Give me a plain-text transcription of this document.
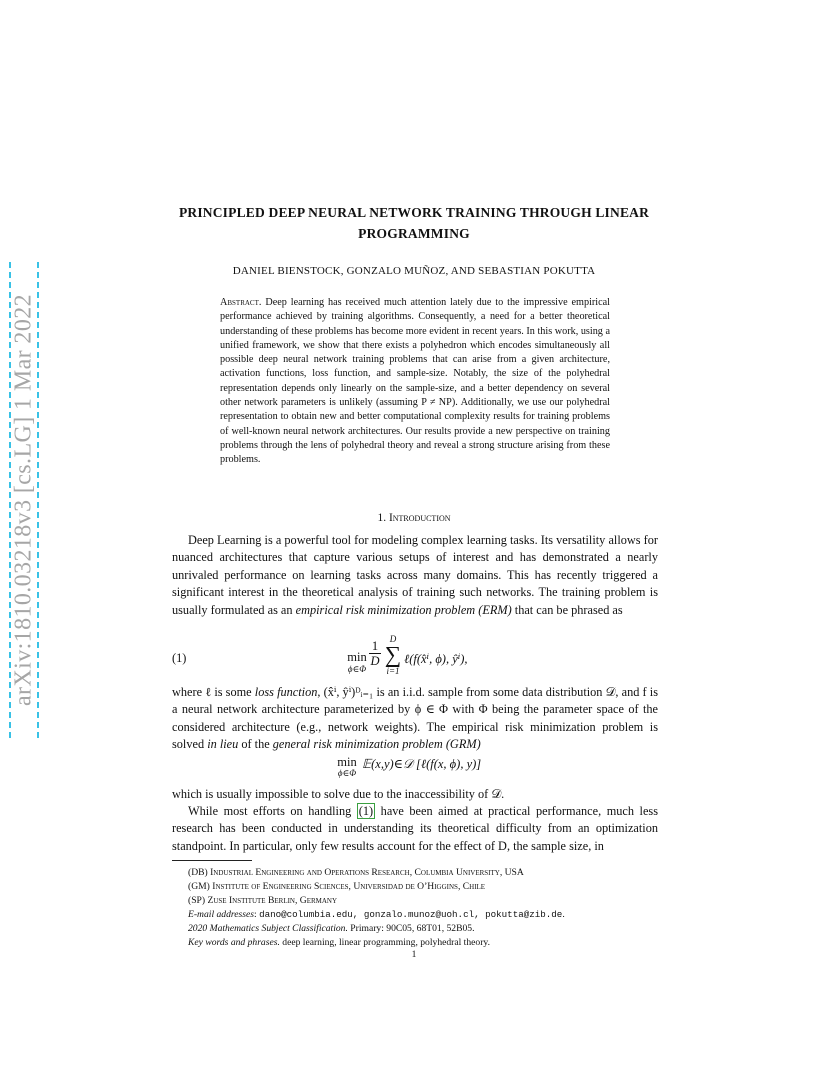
arXiv:1810.03218v3 [cs.LG] 1 Mar 2022
PRINCIPLED DEEP NEURAL NETWORK TRAINING THROUGH LINEAR
PROGRAMMING
DANIEL BIENSTOCK, GONZALO MUÑOZ, AND SEBASTIAN POKUTTA

Abstract. Deep learning has received much attention lately due to the impressive empirical performance achieved by training algorithms. Consequently, a need for a better theoretical understanding of these problems has become more evident in recent years. In this work, using a unified framework, we show that there exists a polyhedron which encodes simultaneously all possible deep neural network training problems that can arise from a given architecture, activation functions, loss function, and sample-size. Notably, the size of the polyhedral representation depends only linearly on the sample-size, and a better dependency on several other network parameters is unlikely (assuming P ≠ NP). Additionally, we use our polyhedral representation to obtain new and better computational complexity results for training problems of well-known neural network architectures. Our results provide a new perspective on training problems through the lens of polyhedral theory and reveal a strong structure arising from these problems.

1. Introduction

Deep Learning is a powerful tool for modeling complex learning tasks. Its versatility allows for nuanced architectures that capture various setups of interest and has demonstrated a nearly unrivaled performance on learning tasks across many domains. This has recently triggered a significant interest in the theoretical analysis of training such networks. The training problem is usually formulated as an empirical risk minimization problem (ERM) that can be phrased as

(1)	min
ϕ∈Φ $\frac{1}{D}$ D
∑
i=1
ℓ(f(x̂ⁱ, ϕ), ŷⁱ),

where ℓ is some loss function, (x̂ⁱ, ŷⁱ)ᴰᵢ₌₁ is an i.i.d. sample from some data distribution 𝒟, and f is a neural network architecture parameterized by ϕ ∈ Φ with Φ being the parameter space of the considered architecture (e.g., network weights). The empirical risk minimization problem is solved in lieu of the general risk minimization problem (GRM)

min
ϕ∈Φ
𝔼(x,y)∈𝒟 [ℓ(f(x, ϕ), y)]

which is usually impossible to solve due to the inaccessibility of 𝒟.

While most efforts on handling (1) have been aimed at practical performance, much less research has been conducted in understanding its theoretical difficulty from an optimization standpoint. In particular, only few results account for the effect of D, the sample size, in

(DB) Industrial Engineering and Operations Research, Columbia University, USA
(GM) Institute of Engineering Sciences, Universidad de O’Higgins, Chile
(SP) Zuse Institute Berlin, Germany
E-mail addresses: dano@columbia.edu, gonzalo.munoz@uoh.cl, pokutta@zib.de.
2020 Mathematics Subject Classification. Primary: 90C05, 68T01, 52B05.
Key words and phrases. deep learning, linear programming, polyhedral theory.
1
